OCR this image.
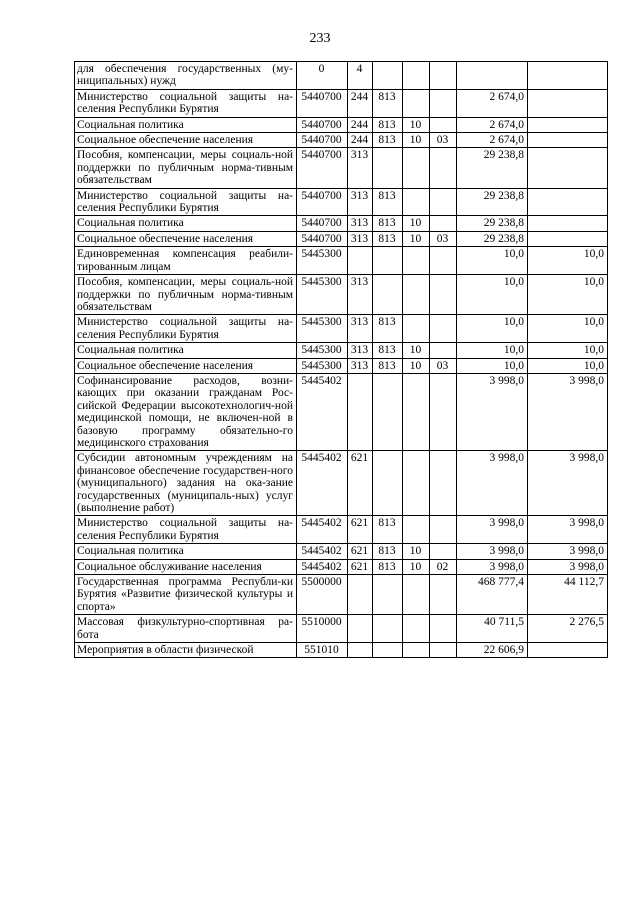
233
для обеспечения государственных (му-ниципальных) нужд	0	4					
Министерство социальной защиты на-селения Республики Бурятия	5440700	244	813			2 674,0	
Социальная политика	5440700	244	813	10		2 674,0	
Социальное обеспечение населения	5440700	244	813	10	03	2 674,0	
Пособия, компенсации, меры социаль-ной поддержки по публичным норма-тивным обязательствам	5440700	313				29 238,8	
Министерство социальной защиты на-селения Республики Бурятия	5440700	313	813			29 238,8	
Социальная политика	5440700	313	813	10		29 238,8	
Социальное обеспечение населения	5440700	313	813	10	03	29 238,8	
Единовременная компенсация реабили-тированным лицам	5445300					10,0	10,0
Пособия, компенсации, меры социаль-ной поддержки по публичным норма-тивным обязательствам	5445300	313				10,0	10,0
Министерство социальной защиты на-селения Республики Бурятия	5445300	313	813			10,0	10,0
Социальная политика	5445300	313	813	10		10,0	10,0
Социальное обеспечение населения	5445300	313	813	10	03	10,0	10,0
Софинансирование расходов, возни-кающих при оказании гражданам Рос-сийской Федерации высокотехнологич-ной медицинской помощи, не включен-ной в базовую программу обязательно-го медицинского страхования	5445402					3 998,0	3 998,0
Субсидии автономным учреждениям на финансовое обеспечение государствен-ного (муниципального) задания на ока-зание государственных (муниципаль-ных) услуг (выполнение работ)	5445402	621				3 998,0	3 998,0
Министерство социальной защиты на-селения Республики Бурятия	5445402	621	813			3 998,0	3 998,0
Социальная политика	5445402	621	813	10		3 998,0	3 998,0
Социальное обслуживание населения	5445402	621	813	10	02	3 998,0	3 998,0
Государственная программа Республи-ки Бурятия «Развитие физической культуры и спорта»	5500000					468 777,4	44 112,7
Массовая физкультурно-спортивная ра-бота	5510000					40 711,5	2 276,5
Мероприятия в области физической	551010					22 606,9	
